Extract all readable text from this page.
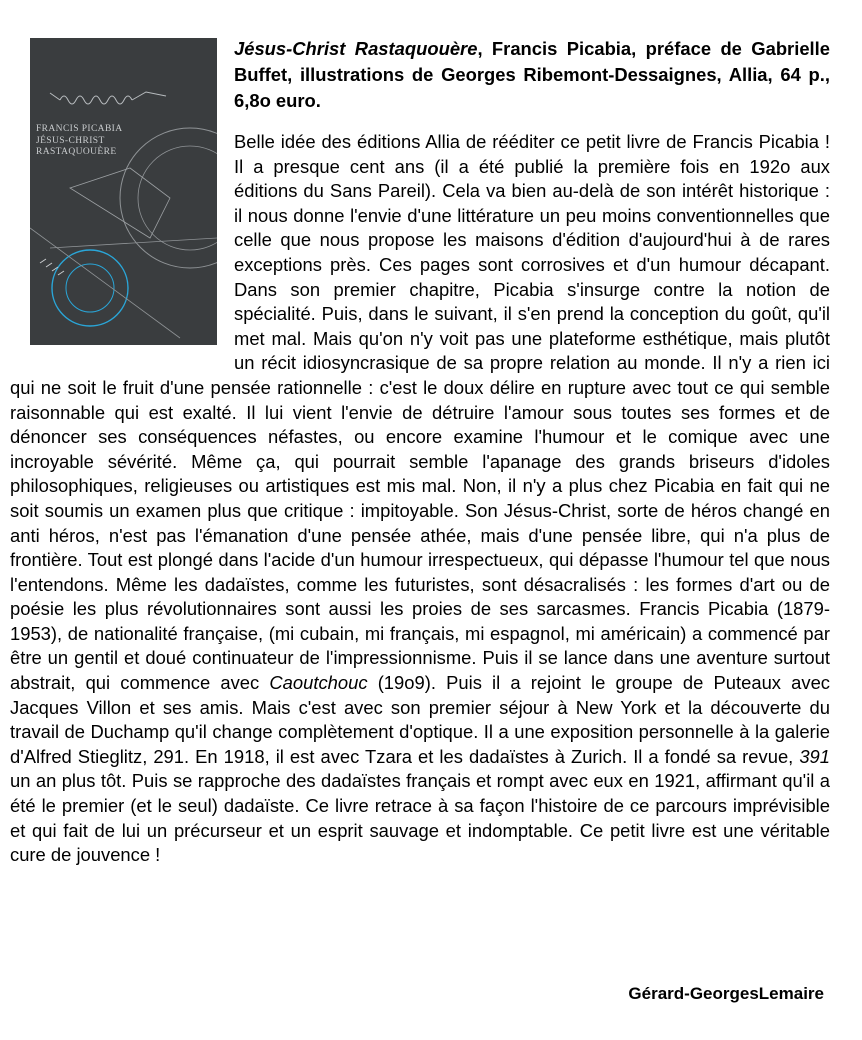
FRANCIS PICABIA
JÉSUS-CHRIST
RASTAQUOUÈRE

Jésus-Christ Rastaquouère, Francis Picabia, préface de Gabrielle Buffet, illustrations de Georges Ribemont-Dessaignes, Allia, 64 p., 6,8o euro.

Belle idée des éditions Allia de rééditer ce petit livre de Francis Picabia ! Il a presque cent ans (il a été publié la première fois en 192o aux éditions du Sans Pareil). Cela va bien au-delà de son intérêt historique : il nous donne l'envie d'une littérature un peu moins conventionnelles que celle que nous propose les maisons d'édition d'aujourd'hui à de rares exceptions près. Ces pages sont corrosives et d'un humour décapant. Dans son premier chapitre, Picabia s'insurge contre la notion de spécialité. Puis, dans le suivant, il s'en prend la conception du goût, qu'il met mal. Mais qu'on n'y voit pas une plateforme esthétique, mais plutôt un récit idiosyncrasique de sa propre relation au monde. Il n'y a rien ici qui ne soit le fruit d'une pensée rationnelle : c'est le doux délire en rupture avec tout ce qui semble raisonnable qui est exalté. Il lui vient l'envie de détruire l'amour sous toutes ses formes et de dénoncer ses conséquences néfastes, ou encore examine l'humour et le comique avec une incroyable sévérité. Même ça, qui pourrait semble l'apanage des grands briseurs d'idoles philosophiques, religieuses ou artistiques est mis mal. Non, il n'y a plus chez Picabia en fait qui ne soit soumis un examen plus que critique : impitoyable. Son Jésus-Christ, sorte de héros changé en anti héros, n'est pas l'émanation d'une pensée athée, mais d'une pensée libre, qui n'a plus de frontière. Tout est plongé dans l'acide d'un humour irrespectueux, qui dépasse l'humour tel que nous l'entendons. Même les dadaïstes, comme les futuristes, sont désacralisés : les formes d'art ou de poésie les plus révolutionnaires sont aussi les proies de ses sarcasmes. Francis Picabia (1879-1953), de nationalité française, (mi cubain, mi français, mi espagnol, mi américain) a commencé par être un gentil et doué continuateur de l'impressionnisme. Puis il se lance dans une aventure surtout abstrait, qui commence avec Caoutchouc (19o9). Puis il a rejoint le groupe de Puteaux avec Jacques Villon et ses amis. Mais c'est avec son premier séjour à New York et la découverte du travail de Duchamp qu'il change complètement d'optique. Il a une exposition personnelle à la galerie d'Alfred Stieglitz, 291. En 1918, il est avec Tzara et les dadaïstes à Zurich. Il a fondé sa revue, 391 un an plus tôt. Puis se rapproche des dadaïstes français et rompt avec eux en 1921, affirmant qu'il a été le premier (et le seul) dadaïste. Ce livre retrace à sa façon l'histoire de ce parcours imprévisible et qui fait de lui un précurseur et un esprit sauvage et indomptable. Ce petit livre est une véritable cure de jouvence !

Gérard-GeorgesLemaire
